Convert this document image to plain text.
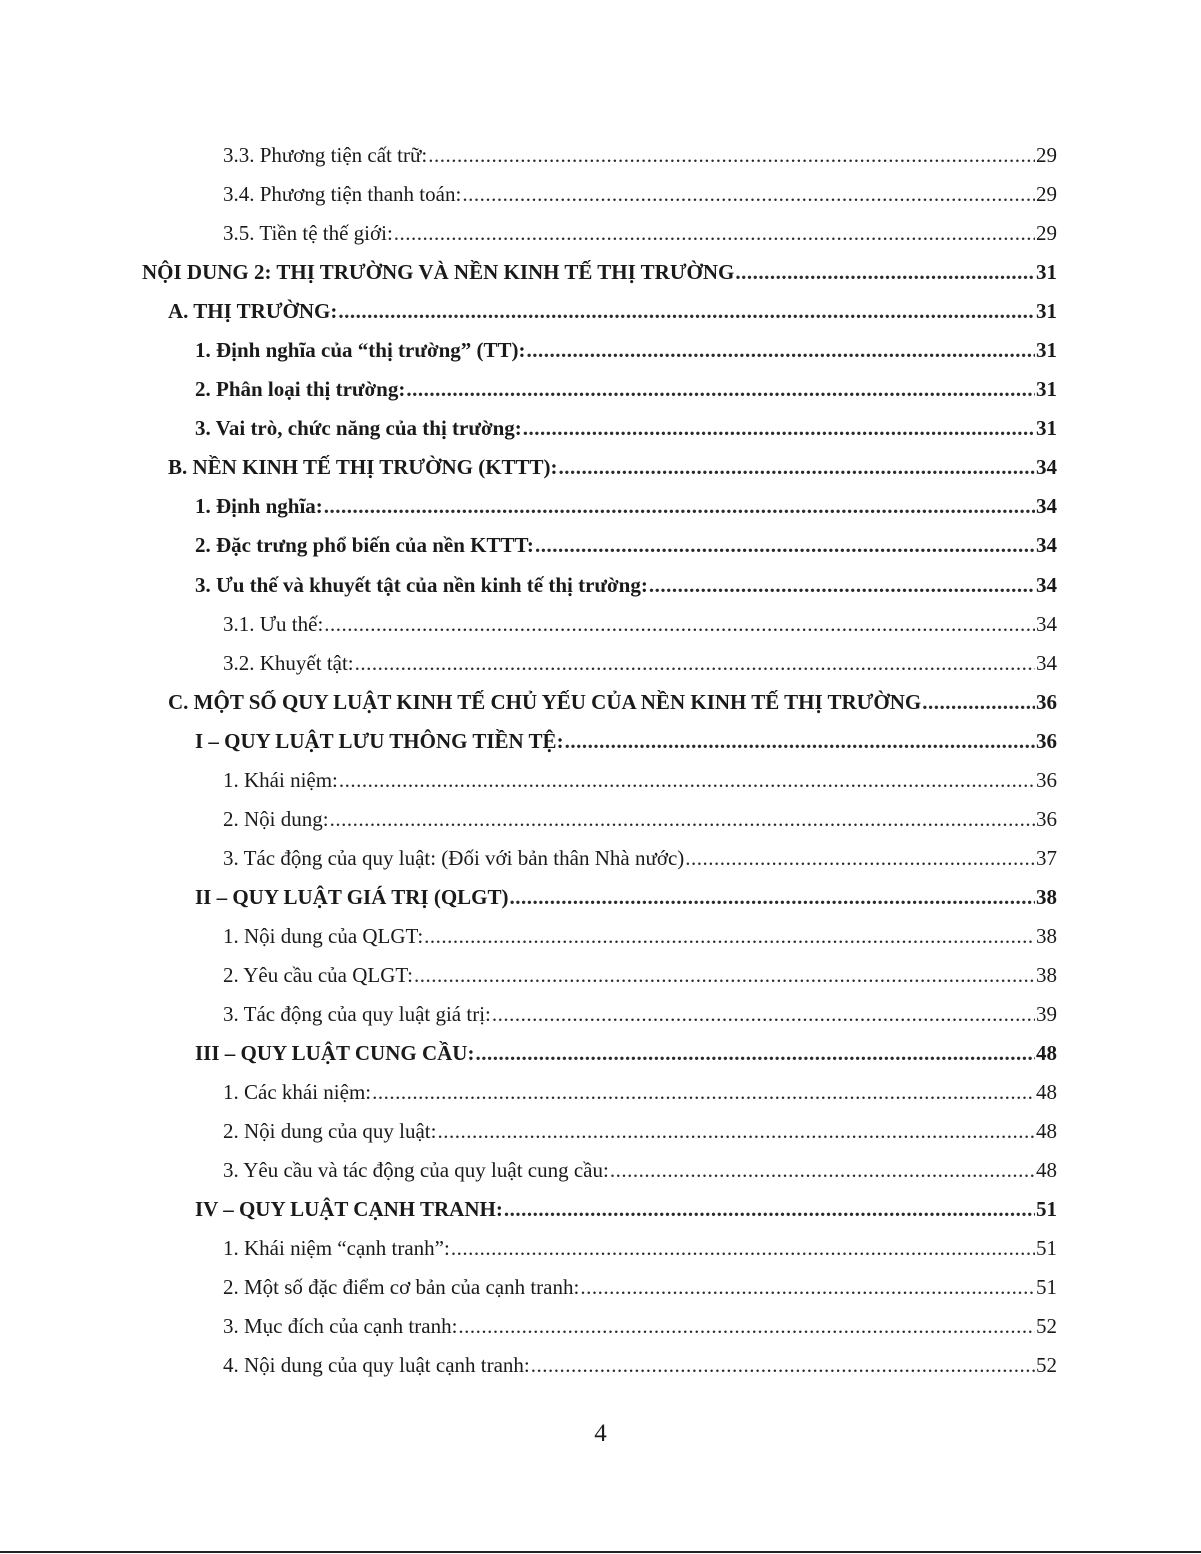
3.3. Phương tiện cất trữ: .....	29
3.4. Phương tiện thanh toán: .....	29
3.5. Tiền tệ thế giới: .....	29
NỘI DUNG 2: THỊ TRƯỜNG VÀ NỀN KINH TẾ THỊ TRƯỜNG .....	31
A. THỊ TRƯỜNG: .....	31
1. Định nghĩa của “thị trường” (TT): .....	31
2. Phân loại thị trường: .....	31
3. Vai trò, chức năng của thị trường: .....	31
B. NỀN KINH TẾ THỊ TRƯỜNG (KTTT): .....	34
1. Định nghĩa: .....	34
2. Đặc trưng phổ biến của nền KTTT: .....	34
3. Ưu thế và khuyết tật của nền kinh tế thị trường: .....	34
3.1. Ưu thế: .....	34
3.2. Khuyết tật: .....	34
C. MỘT SỐ QUY LUẬT KINH TẾ CHỦ YẾU CỦA NỀN KINH TẾ THỊ TRƯỜNG .....	36
I – QUY LUẬT LƯU THÔNG TIỀN TỆ: .....	36
1. Khái niệm: .....	36
2. Nội dung: .....	36
3. Tác động của quy luật: (Đối với bản thân Nhà nước) .....	37
II – QUY LUẬT GIÁ TRỊ (QLGT) .....	38
1. Nội dung của QLGT: .....	38
2. Yêu cầu của QLGT: .....	38
3. Tác động của quy luật giá trị: .....	39
III – QUY LUẬT CUNG CẦU: .....	48
1. Các khái niệm: .....	48
2. Nội dung của quy luật: .....	48
3. Yêu cầu và tác động của quy luật cung cầu: .....	48
IV – QUY LUẬT CẠNH TRANH: .....	51
1. Khái niệm “cạnh tranh”: .....	51
2. Một số đặc điểm cơ bản của cạnh tranh: .....	51
3. Mục đích của cạnh tranh: .....	52
4. Nội dung của quy luật cạnh tranh: .....	52
4
